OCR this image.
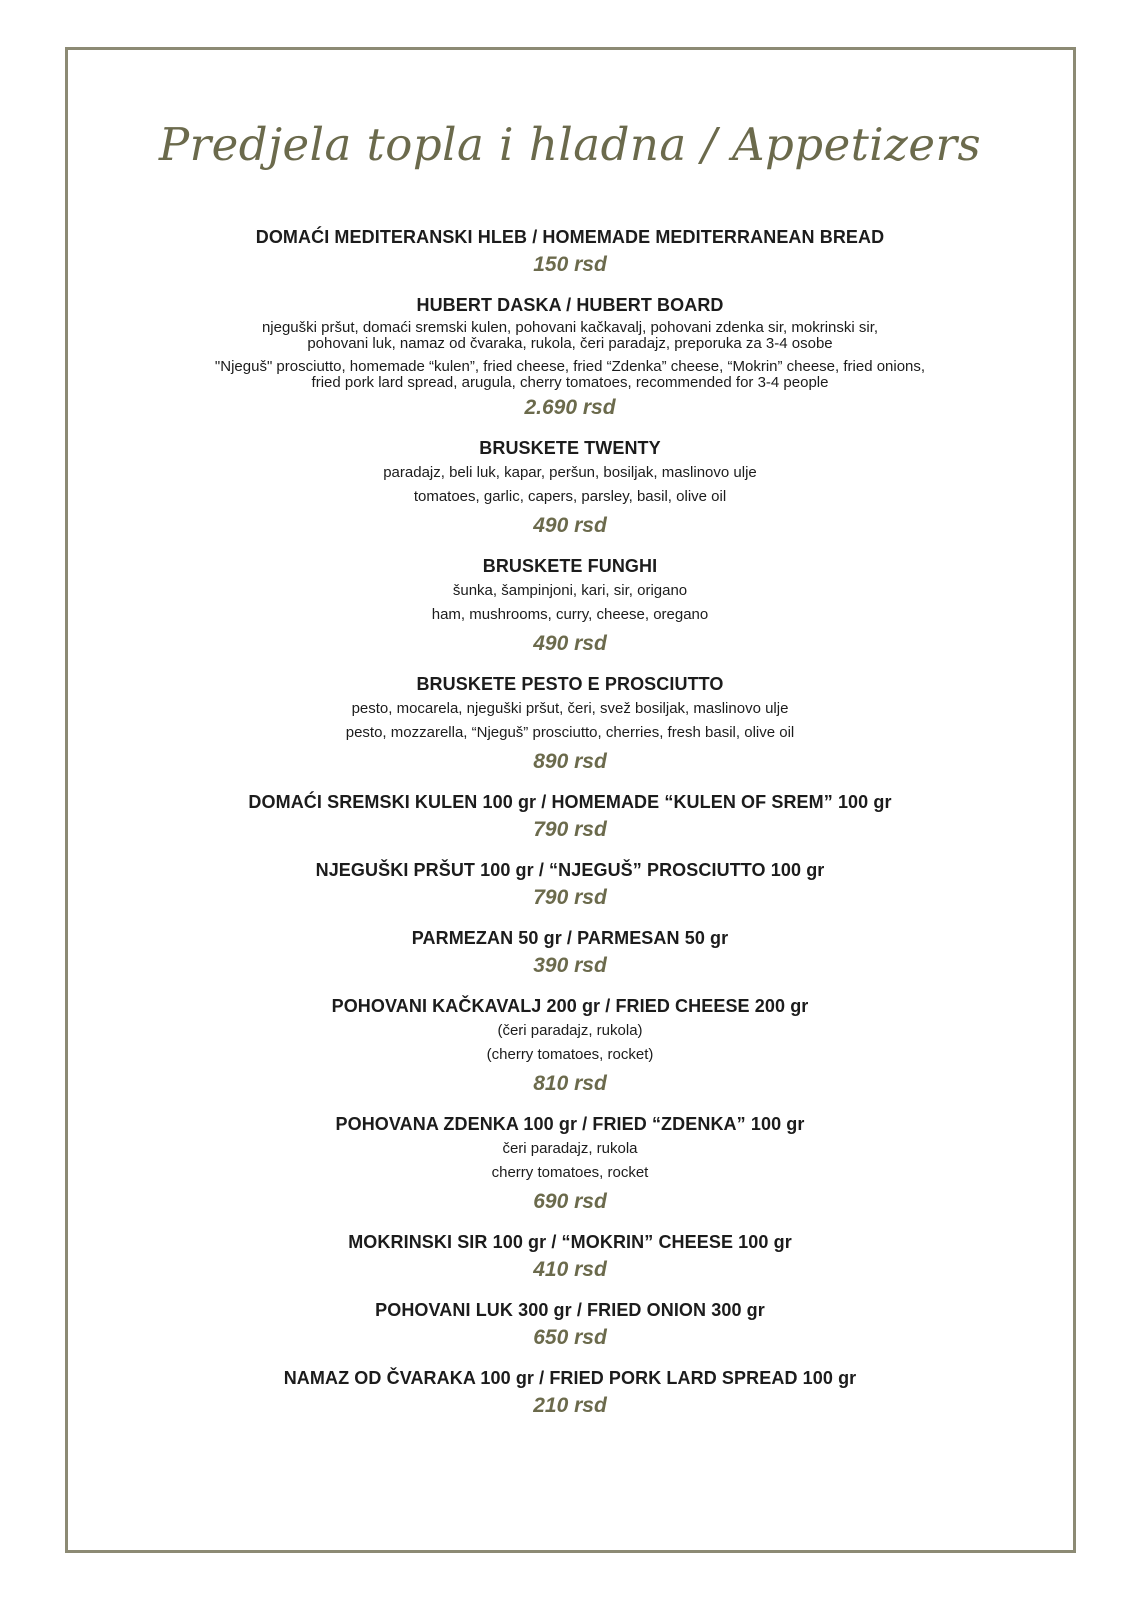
Predjela topla i hladna / Appetizers
DOMAĆI MEDITERANSKI HLEB / HOMEMADE MEDITERRANEAN BREAD
150 rsd
HUBERT DASKA / HUBERT BOARD
njeguški pršut, domaći sremski kulen, pohovani kačkavalj, pohovani zdenka sir, mokrinski sir,
pohovani luk, namaz od čvaraka, rukola, čeri paradajz, preporuka za 3-4 osobe
"Njeguš" prosciutto, homemade “kulen”, fried cheese, fried “Zdenka” cheese, “Mokrin” cheese, fried onions,
fried pork lard spread, arugula, cherry tomatoes, recommended for 3-4 people
2.690 rsd
BRUSKETE TWENTY
paradajz, beli luk, kapar, peršun, bosiljak, maslinovo ulje
tomatoes, garlic, capers, parsley, basil, olive oil
490 rsd
BRUSKETE FUNGHI
šunka, šampinjoni, kari, sir, origano
ham, mushrooms, curry, cheese, oregano
490 rsd
BRUSKETE PESTO E PROSCIUTTO
pesto, mocarela, njeguški pršut, čeri, svež bosiljak, maslinovo ulje
pesto, mozzarella, “Njeguš” prosciutto, cherries, fresh basil, olive oil
890 rsd
DOMAĆI SREMSKI KULEN 100 gr / HOMEMADE “KULEN OF SREM” 100 gr
790 rsd
NJEGUŠKI PRŠUT 100 gr / “NJEGUŠ” PROSCIUTTO 100 gr
790 rsd
PARMEZAN 50 gr / PARMESAN 50 gr
390 rsd
POHOVANI KAČKAVALJ 200 gr / FRIED CHEESE 200 gr
(čeri paradajz, rukola)
(cherry tomatoes, rocket)
810 rsd
POHOVANA ZDENKA 100 gr / FRIED “ZDENKA” 100 gr
čeri paradajz, rukola
cherry tomatoes, rocket
690 rsd
MOKRINSKI SIR 100 gr / “MOKRIN” CHEESE 100 gr
410 rsd
POHOVANI LUK 300 gr / FRIED ONION 300 gr
650 rsd
NAMAZ OD ČVARAKA 100 gr / FRIED PORK LARD SPREAD 100 gr
210 rsd
